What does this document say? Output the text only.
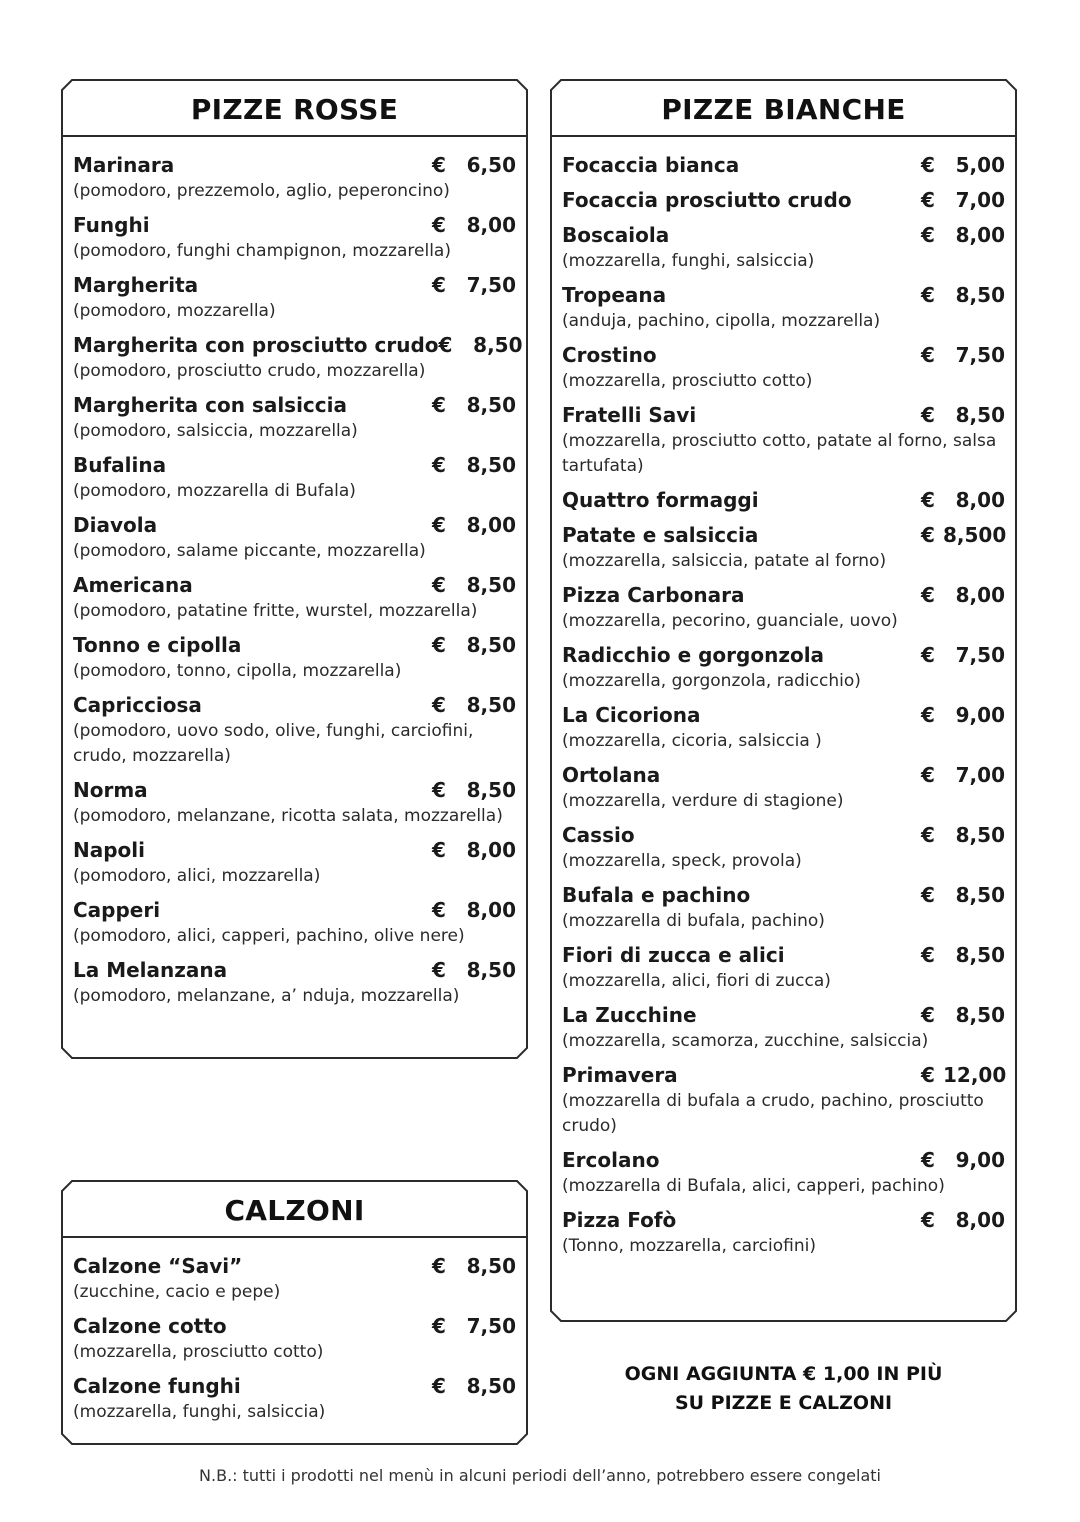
PIZZE ROSSE
Marinara	€	6,50
(pomodoro, prezzemolo, aglio, peperoncino)
Funghi	€	8,00
(pomodoro, funghi champignon, mozzarella)
Margherita	€	7,50
(pomodoro, mozzarella)
Margherita con prosciutto crudo €	8,50
(pomodoro, prosciutto crudo, mozzarella)
Margherita con salsiccia	€	8,50
(pomodoro, salsiccia, mozzarella)
Bufalina	€	8,50
(pomodoro, mozzarella di Bufala)
Diavola	€	8,00
(pomodoro, salame piccante, mozzarella)
Americana	€	8,50
(pomodoro, patatine fritte, wurstel, mozzarella)
Tonno e cipolla	€	8,50
(pomodoro, tonno, cipolla, mozzarella)
Capricciosa	€	8,50
(pomodoro, uovo sodo, olive, funghi, carciofini, crudo, mozzarella)
Norma	€	8,50
(pomodoro, melanzane, ricotta salata, mozzarella)
Napoli	€	8,00
(pomodoro, alici, mozzarella)
Capperi	€	8,00
(pomodoro, alici, capperi, pachino, olive nere)
La Melanzana	€	8,50
(pomodoro, melanzane, a’ nduja, mozzarella)
CALZONI
Calzone “Savi”	€	8,50
(zucchine, cacio e pepe)
Calzone cotto	€	7,50
(mozzarella, prosciutto cotto)
Calzone funghi	€	8,50
(mozzarella, funghi, salsiccia)
PIZZE BIANCHE
Focaccia bianca	€	5,00
Focaccia prosciutto crudo	€	7,00
Boscaiola	€	8,00
(mozzarella, funghi, salsiccia)
Tropeana	€	8,50
(anduja, pachino, cipolla, mozzarella)
Crostino	€	7,50
(mozzarella, prosciutto cotto)
Fratelli Savi	€	8,50
(mozzarella, prosciutto cotto, patate al forno, salsa tartufata)
Quattro formaggi	€	8,00
Patate e salsiccia	€ 8,500
(mozzarella, salsiccia, patate al forno)
Pizza Carbonara	€	8,00
(mozzarella, pecorino, guanciale, uovo)
Radicchio e gorgonzola	€	7,50
(mozzarella, gorgonzola, radicchio)
La Cicoriona	€	9,00
(mozzarella, cicoria, salsiccia )
Ortolana	€	7,00
(mozzarella, verdure di stagione)
Cassio	€	8,50
(mozzarella, speck, provola)
Bufala e pachino	€	8,50
(mozzarella di bufala, pachino)
Fiori di zucca e alici	€	8,50
(mozzarella, alici, fiori di zucca)
La Zucchine	€	8,50
(mozzarella, scamorza, zucchine, salsiccia)
Primavera	€ 12,00
(mozzarella di bufala a crudo, pachino, prosciutto crudo)
Ercolano	€	9,00
(mozzarella di Bufala, alici, capperi, pachino)
Pizza Fofò	€	8,00
(Tonno, mozzarella, carciofini)
OGNI AGGIUNTA € 1,00 IN PIÙ
SU PIZZE E CALZONI
N.B.: tutti i prodotti nel menù in alcuni periodi dell’anno, potrebbero essere congelati
